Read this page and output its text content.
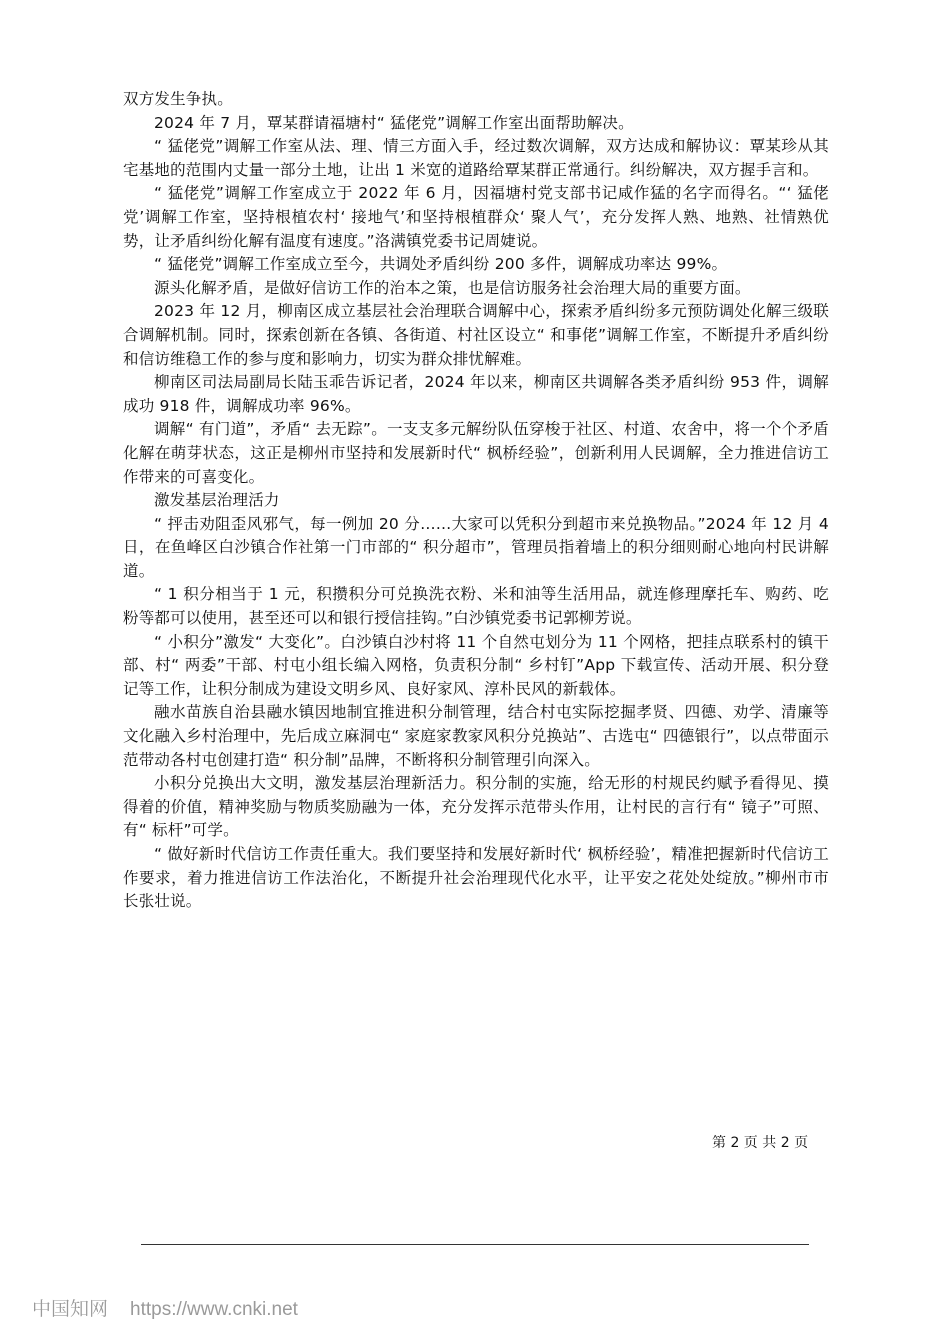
双方发生争执。

2024 年 7 月，覃某群请福塘村“ 猛佬党”调解工作室出面帮助解决。

“ 猛佬党”调解工作室从法、理、情三方面入手，经过数次调解，双方达成和解协议：覃某珍从其宅基地的范围内丈量一部分土地，让出 1 米宽的道路给覃某群正常通行。纠纷解决，双方握手言和。

“ 猛佬党”调解工作室成立于 2022 年 6 月，因福塘村党支部书记咸作猛的名字而得名。“‘ 猛佬党’调解工作室，坚持根植农村‘ 接地气’和坚持根植群众‘ 聚人气’，充分发挥人熟、地熟、社情熟优势，让矛盾纠纷化解有温度有速度。”洛满镇党委书记周婕说。

“ 猛佬党”调解工作室成立至今，共调处矛盾纠纷 200 多件，调解成功率达 99%。

源头化解矛盾，是做好信访工作的治本之策，也是信访服务社会治理大局的重要方面。

2023 年 12 月，柳南区成立基层社会治理联合调解中心，探索矛盾纠纷多元预防调处化解三级联合调解机制。同时，探索创新在各镇、各街道、村社区设立“ 和事佬”调解工作室，不断提升矛盾纠纷和信访维稳工作的参与度和影响力，切实为群众排忧解难。

柳南区司法局副局长陆玉乖告诉记者，2024 年以来，柳南区共调解各类矛盾纠纷 953 件，调解成功 918 件，调解成功率 96%。

调解“ 有门道”，矛盾“ 去无踪”。一支支多元解纷队伍穿梭于社区、村道、农舍中，将一个个矛盾化解在萌芽状态，这正是柳州市坚持和发展新时代“ 枫桥经验”，创新利用人民调解，全力推进信访工作带来的可喜变化。

激发基层治理活力

“ 抨击劝阻歪风邪气，每一例加 20 分……大家可以凭积分到超市来兑换物品。”2024 年 12 月 4 日，在鱼峰区白沙镇合作社第一门市部的“ 积分超市”，管理员指着墙上的积分细则耐心地向村民讲解道。

“ 1 积分相当于 1 元，积攒积分可兑换洗衣粉、米和油等生活用品，就连修理摩托车、购药、吃粉等都可以使用，甚至还可以和银行授信挂钩。”白沙镇党委书记郭柳芳说。

“ 小积分”激发“ 大变化”。白沙镇白沙村将 11 个自然屯划分为 11 个网格，把挂点联系村的镇干部、村“ 两委”干部、村屯小组长编入网格，负责积分制“ 乡村钉”App 下载宣传、活动开展、积分登记等工作，让积分制成为建设文明乡风、良好家风、淳朴民风的新载体。

融水苗族自治县融水镇因地制宜推进积分制管理，结合村屯实际挖掘孝贤、四德、劝学、清廉等文化融入乡村治理中，先后成立麻洞屯“ 家庭家教家风积分兑换站”、古选屯“ 四德银行”，以点带面示范带动各村屯创建打造“ 积分制”品牌，不断将积分制管理引向深入。

小积分兑换出大文明，激发基层治理新活力。积分制的实施，给无形的村规民约赋予看得见、摸得着的价值，精神奖励与物质奖励融为一体，充分发挥示范带头作用，让村民的言行有“ 镜子”可照、有“ 标杆”可学。

“ 做好新时代信访工作责任重大。我们要坚持和发展好新时代‘ 枫桥经验’，精准把握新时代信访工作要求，着力推进信访工作法治化，不断提升社会治理现代化水平，让平安之花处处绽放。”柳州市市长张壮说。

第 2 页 共 2 页
中国知网 https://www.cnki.net
